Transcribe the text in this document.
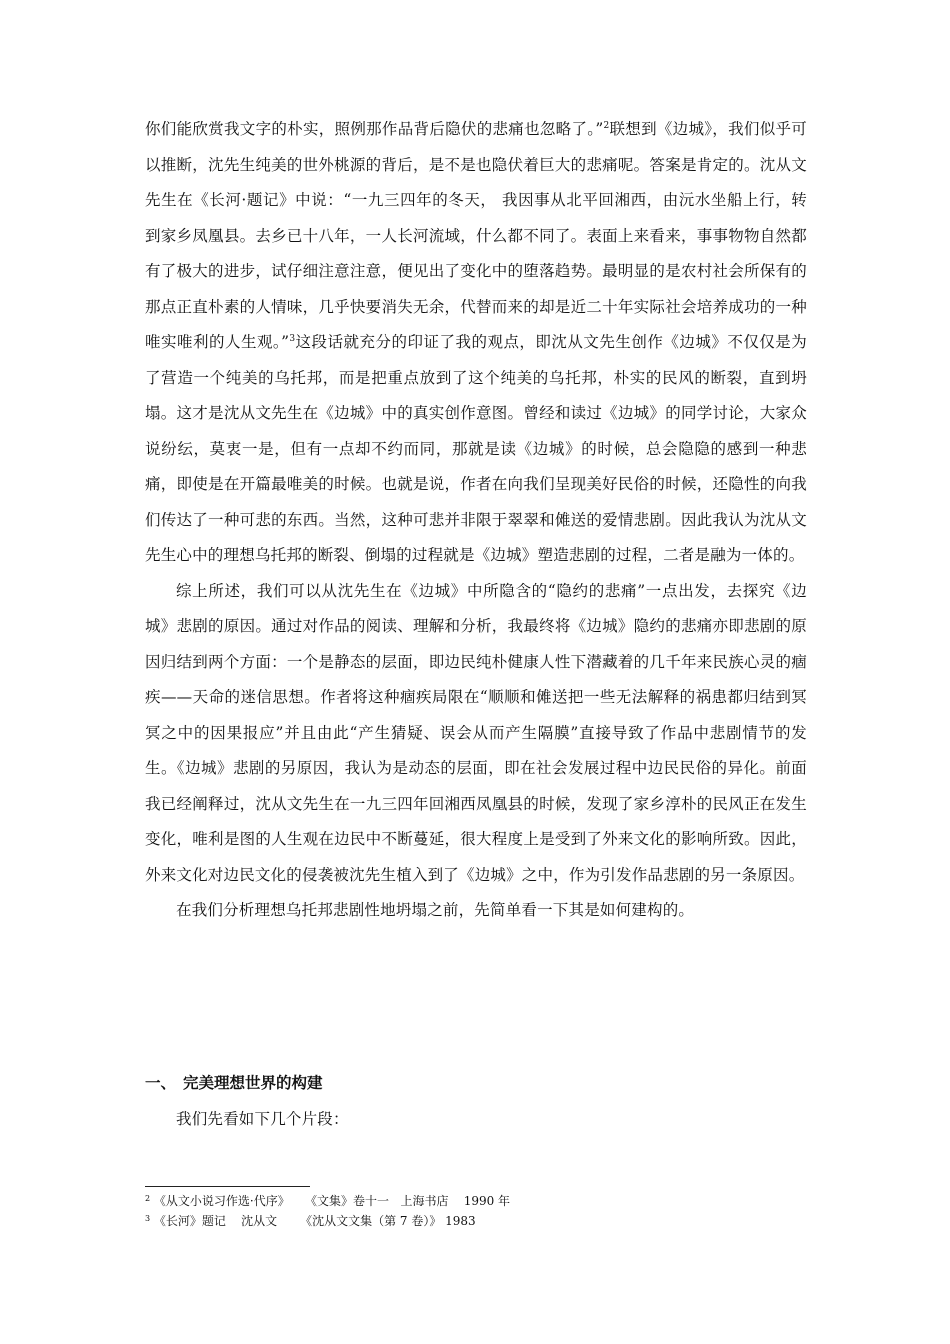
你们能欣赏我文字的朴实，照例那作品背后隐伏的悲痛也忽略了。”$^2$联想到《边城》，我们似乎可以推断，沈先生纯美的世外桃源的背后，是不是也隐伏着巨大的悲痛呢。答案是肯定的。沈从文先生在《长河·题记》中说：“一九三四年的冬天， 我因事从北平回湘西，由沅水坐船上行，转到家乡凤凰县。去乡已十八年，一人长河流域，什么都不同了。表面上来看来，事事物物自然都有了极大的进步，试仔细注意注意，便见出了变化中的堕落趋势。最明显的是农村社会所保有的那点正直朴素的人情味，几乎快要消失无余，代替而来的却是近二十年实际社会培养成功的一种唯实唯利的人生观。”$^3$这段话就充分的印证了我的观点，即沈从文先生创作《边城》不仅仅是为了营造一个纯美的乌托邦，而是把重点放到了这个纯美的乌托邦，朴实的民风的断裂，直到坍塌。这才是沈从文先生在《边城》中的真实创作意图。曾经和读过《边城》的同学讨论，大家众说纷纭，莫衷一是，但有一点却不约而同，那就是读《边城》的时候，总会隐隐的感到一种悲痛，即使是在开篇最唯美的时候。也就是说，作者在向我们呈现美好民俗的时候，还隐性的向我们传达了一种可悲的东西。当然，这种可悲并非限于翠翠和傩送的爱情悲剧。因此我认为沈从文先生心中的理想乌托邦的断裂、倒塌的过程就是《边城》塑造悲剧的过程，二者是融为一体的。

综上所述，我们可以从沈先生在《边城》中所隐含的“隐约的悲痛”一点出发，去探究《边城》悲剧的原因。通过对作品的阅读、理解和分析，我最终将《边城》隐约的悲痛亦即悲剧的原因归结到两个方面：一个是静态的层面，即边民纯朴健康人性下潜藏着的几千年来民族心灵的痼疾——天命的迷信思想。作者将这种痼疾局限在“顺顺和傩送把一些无法解释的祸患都归结到冥冥之中的因果报应”并且由此“产生猜疑、误会从而产生隔膜”直接导致了作品中悲剧情节的发生。《边城》悲剧的另原因，我认为是动态的层面，即在社会发展过程中边民民俗的异化。前面我已经阐释过，沈从文先生在一九三四年回湘西凤凰县的时候，发现了家乡淳朴的民风正在发生变化，唯利是图的人生观在边民中不断蔓延，很大程度上是受到了外来文化的影响所致。因此，外来文化对边民文化的侵袭被沈先生植入到了《边城》之中，作为引发作品悲剧的另一条原因。

在我们分析理想乌托邦悲剧性地坍塌之前，先简单看一下其是如何建构的。

一、 完美理想世界的构建

我们先看如下几个片段：

$^2$ 《从文小说习作选·代序》    《文集》卷十一   上海书店    1990 年

$^3$ 《长河》题记    沈从文      《沈从文文集（第 7 卷）》 1983
